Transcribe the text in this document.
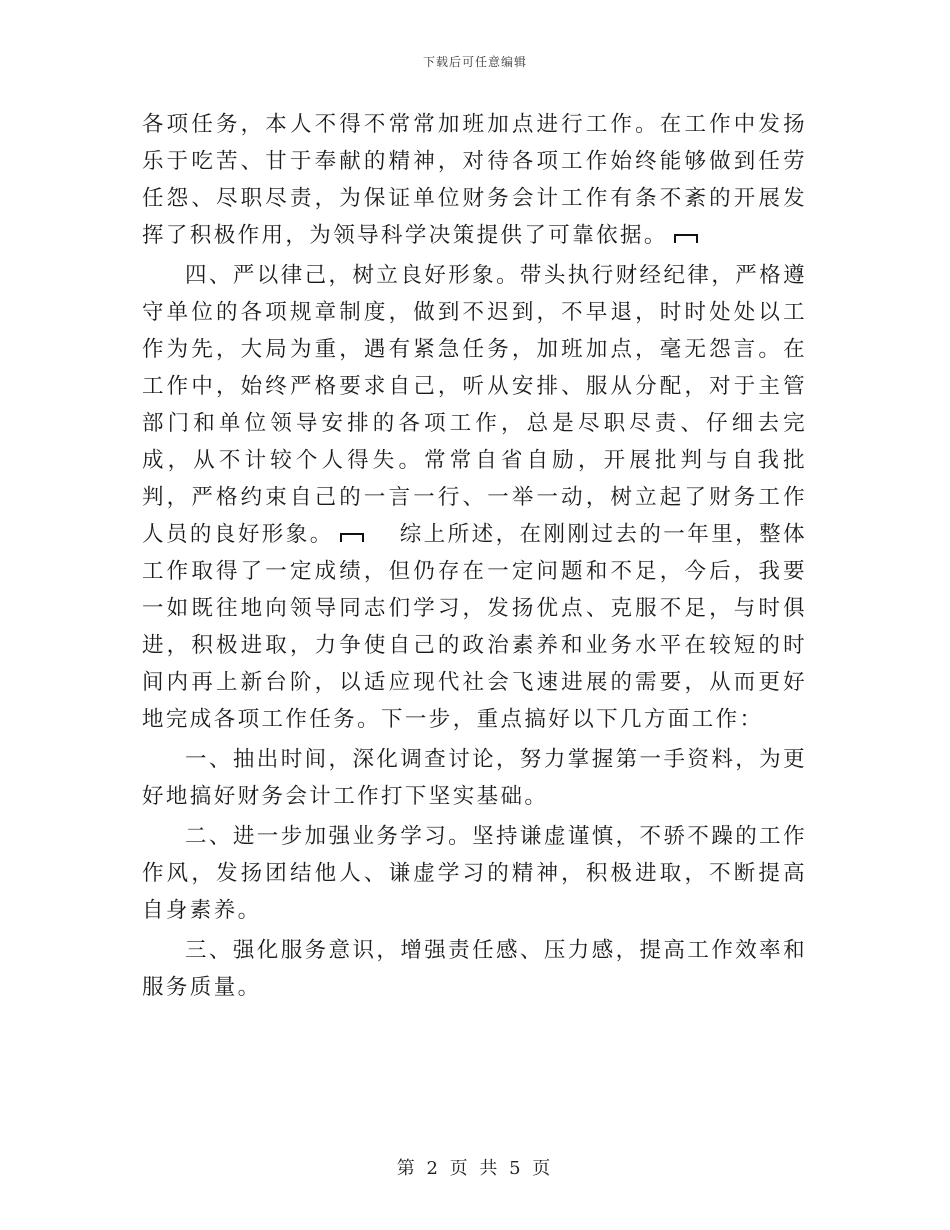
下载后可任意编辑

各项任务，本人不得不常常加班加点进行工作。在工作中发扬乐于吃苦、甘于奉献的精神，对待各项工作始终能够做到任劳任怨、尽职尽责，为保证单位财务会计工作有条不紊的开展发挥了积极作用，为领导科学决策提供了可靠依据。

四、严以律己，树立良好形象。带头执行财经纪律，严格遵守单位的各项规章制度，做到不迟到，不早退，时时处处以工作为先，大局为重，遇有紧急任务，加班加点，毫无怨言。在工作中，始终严格要求自己，听从安排、服从分配，对于主管部门和单位领导安排的各项工作，总是尽职尽责、仔细去完成，从不计较个人得失。常常自省自励，开展批判与自我批判，严格约束自己的一言一行、一举一动，树立起了财务工作人员的良好形象。	综上所述，在刚刚过去的一年里，整体工作取得了一定成绩，但仍存在一定问题和不足，今后，我要一如既往地向领导同志们学习，发扬优点、克服不足，与时俱进，积极进取，力争使自己的政治素养和业务水平在较短的时间内再上新台阶，以适应现代社会飞速进展的需要，从而更好地完成各项工作任务。下一步，重点搞好以下几方面工作：

一、抽出时间，深化调查讨论，努力掌握第一手资料，为更好地搞好财务会计工作打下坚实基础。

二、进一步加强业务学习。坚持谦虚谨慎，不骄不躁的工作作风，发扬团结他人、谦虚学习的精神，积极进取，不断提高自身素养。

三、强化服务意识，增强责任感、压力感，提高工作效率和服务质量。

第 2 页 共 5 页
